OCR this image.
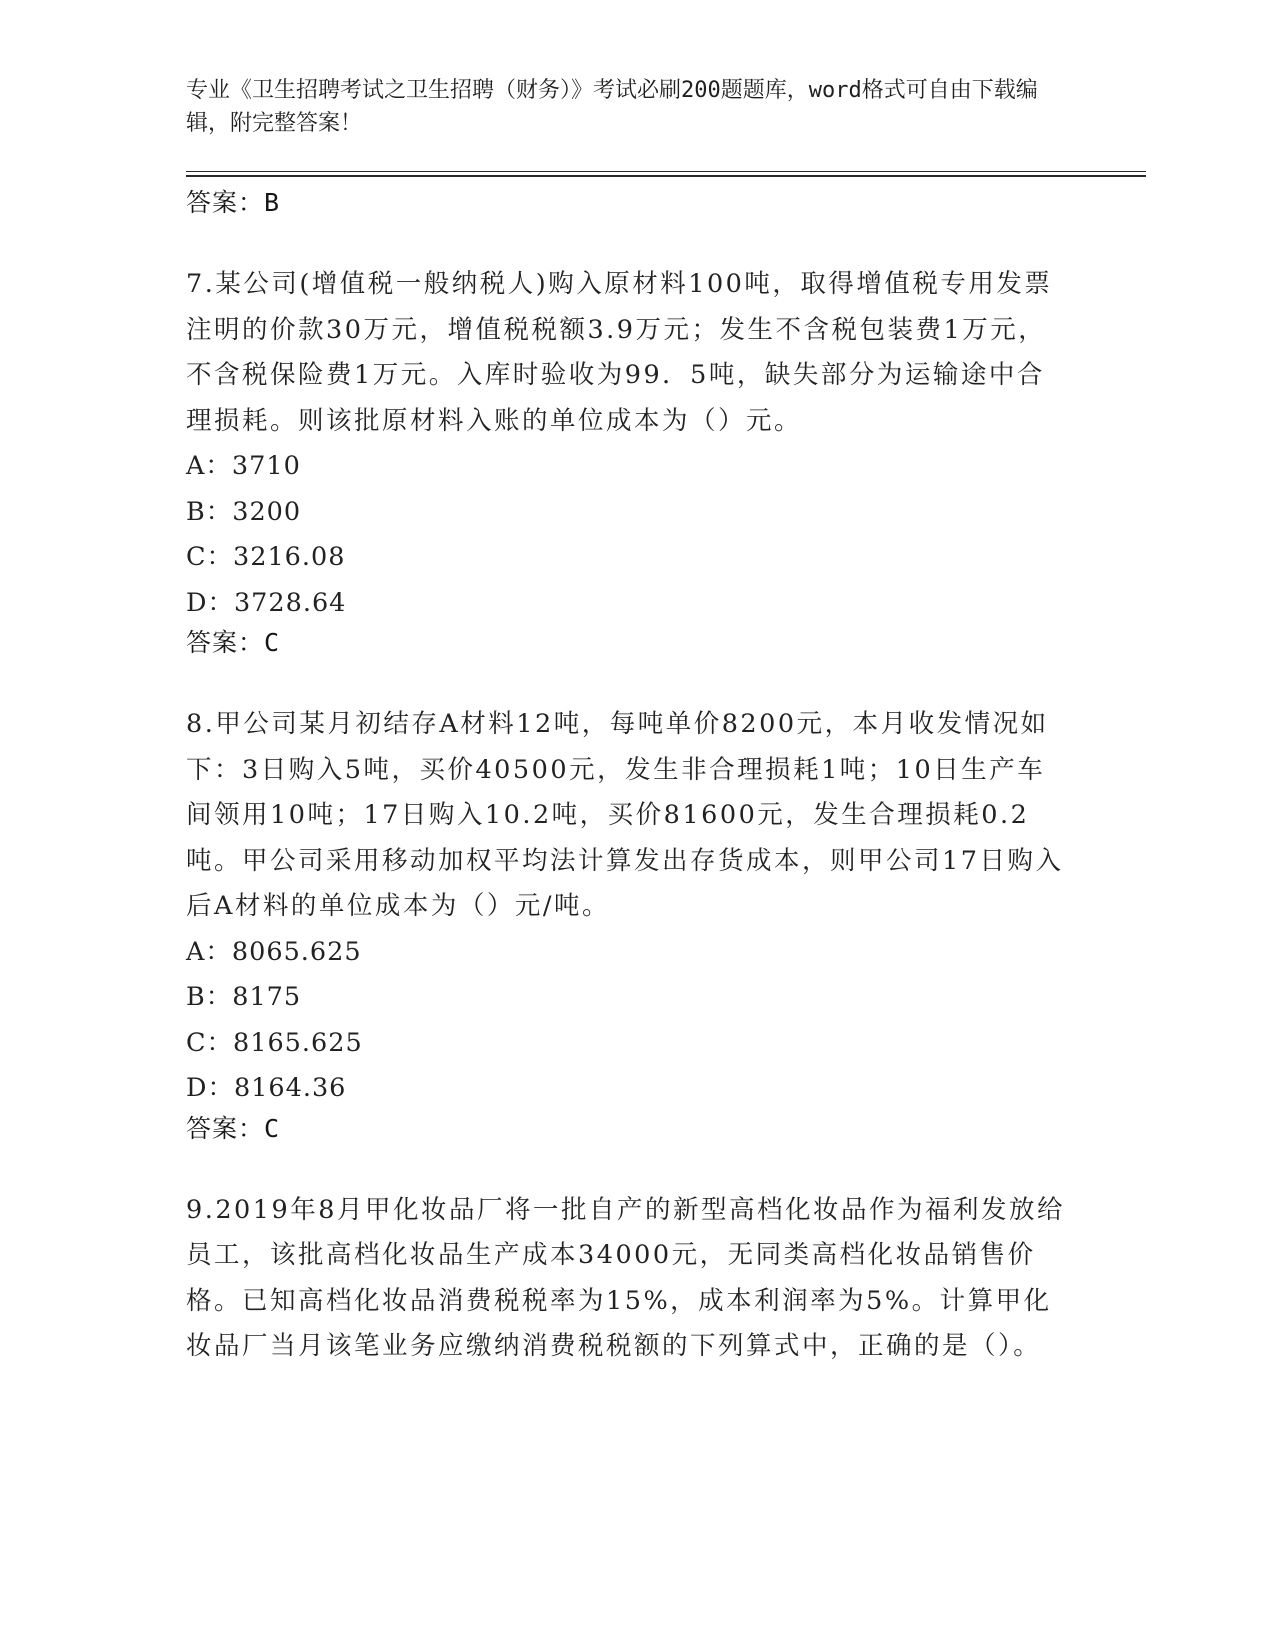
专业《卫生招聘考试之卫生招聘（财务）》考试必刷200题题库，word格式可自由下载编辑，附完整答案！
答案：B
7.某公司(增值税一般纳税人)购入原材料100吨，取得增值税专用发票注明的价款30万元，增值税税额3.9万元；发生不含税包装费1万元，不含税保险费1万元。入库时验收为99．5吨，缺失部分为运输途中合理损耗。则该批原材料入账的单位成本为（）元。
A：3710
B：3200
C：3216.08
D：3728.64
答案：C
8.甲公司某月初结存A材料12吨，每吨单价8200元，本月收发情况如下：3日购入5吨，买价40500元，发生非合理损耗1吨；10日生产车间领用10吨；17日购入10.2吨，买价81600元，发生合理损耗0.2吨。甲公司采用移动加权平均法计算发出存货成本，则甲公司17日购入后A材料的单位成本为（）元/吨。
A：8065.625
B：8175
C：8165.625
D：8164.36
答案：C
9.2019年8月甲化妆品厂将一批自产的新型高档化妆品作为福利发放给员工，该批高档化妆品生产成本34000元，无同类高档化妆品销售价格。已知高档化妆品消费税税率为15%，成本利润率为5%。计算甲化妆品厂当月该笔业务应缴纳消费税税额的下列算式中，正确的是（）。
